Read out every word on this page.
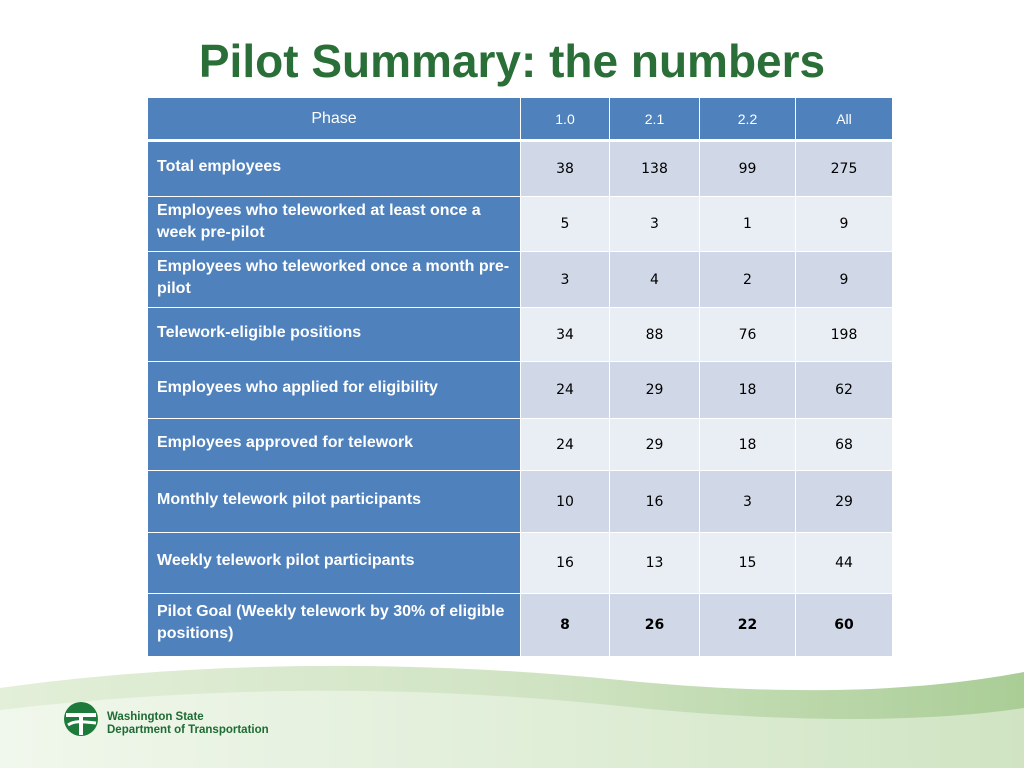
Pilot Summary: the numbers
Phase	1.0	2.1	2.2	All
Total employees	38	138	99	275
Employees who teleworked at least once a week pre-pilot	5	3	1	9
Employees who teleworked once a month pre-pilot	3	4	2	9
Telework-eligible positions	34	88	76	198
Employees who applied for eligibility	24	29	18	62
Employees approved for telework	24	29	18	68
Monthly telework pilot participants	10	16	3	29
Weekly telework pilot participants	16	13	15	44
Pilot Goal (Weekly telework by 30% of eligible positions)	8	26	22	60
Washington State
Department of Transportation
